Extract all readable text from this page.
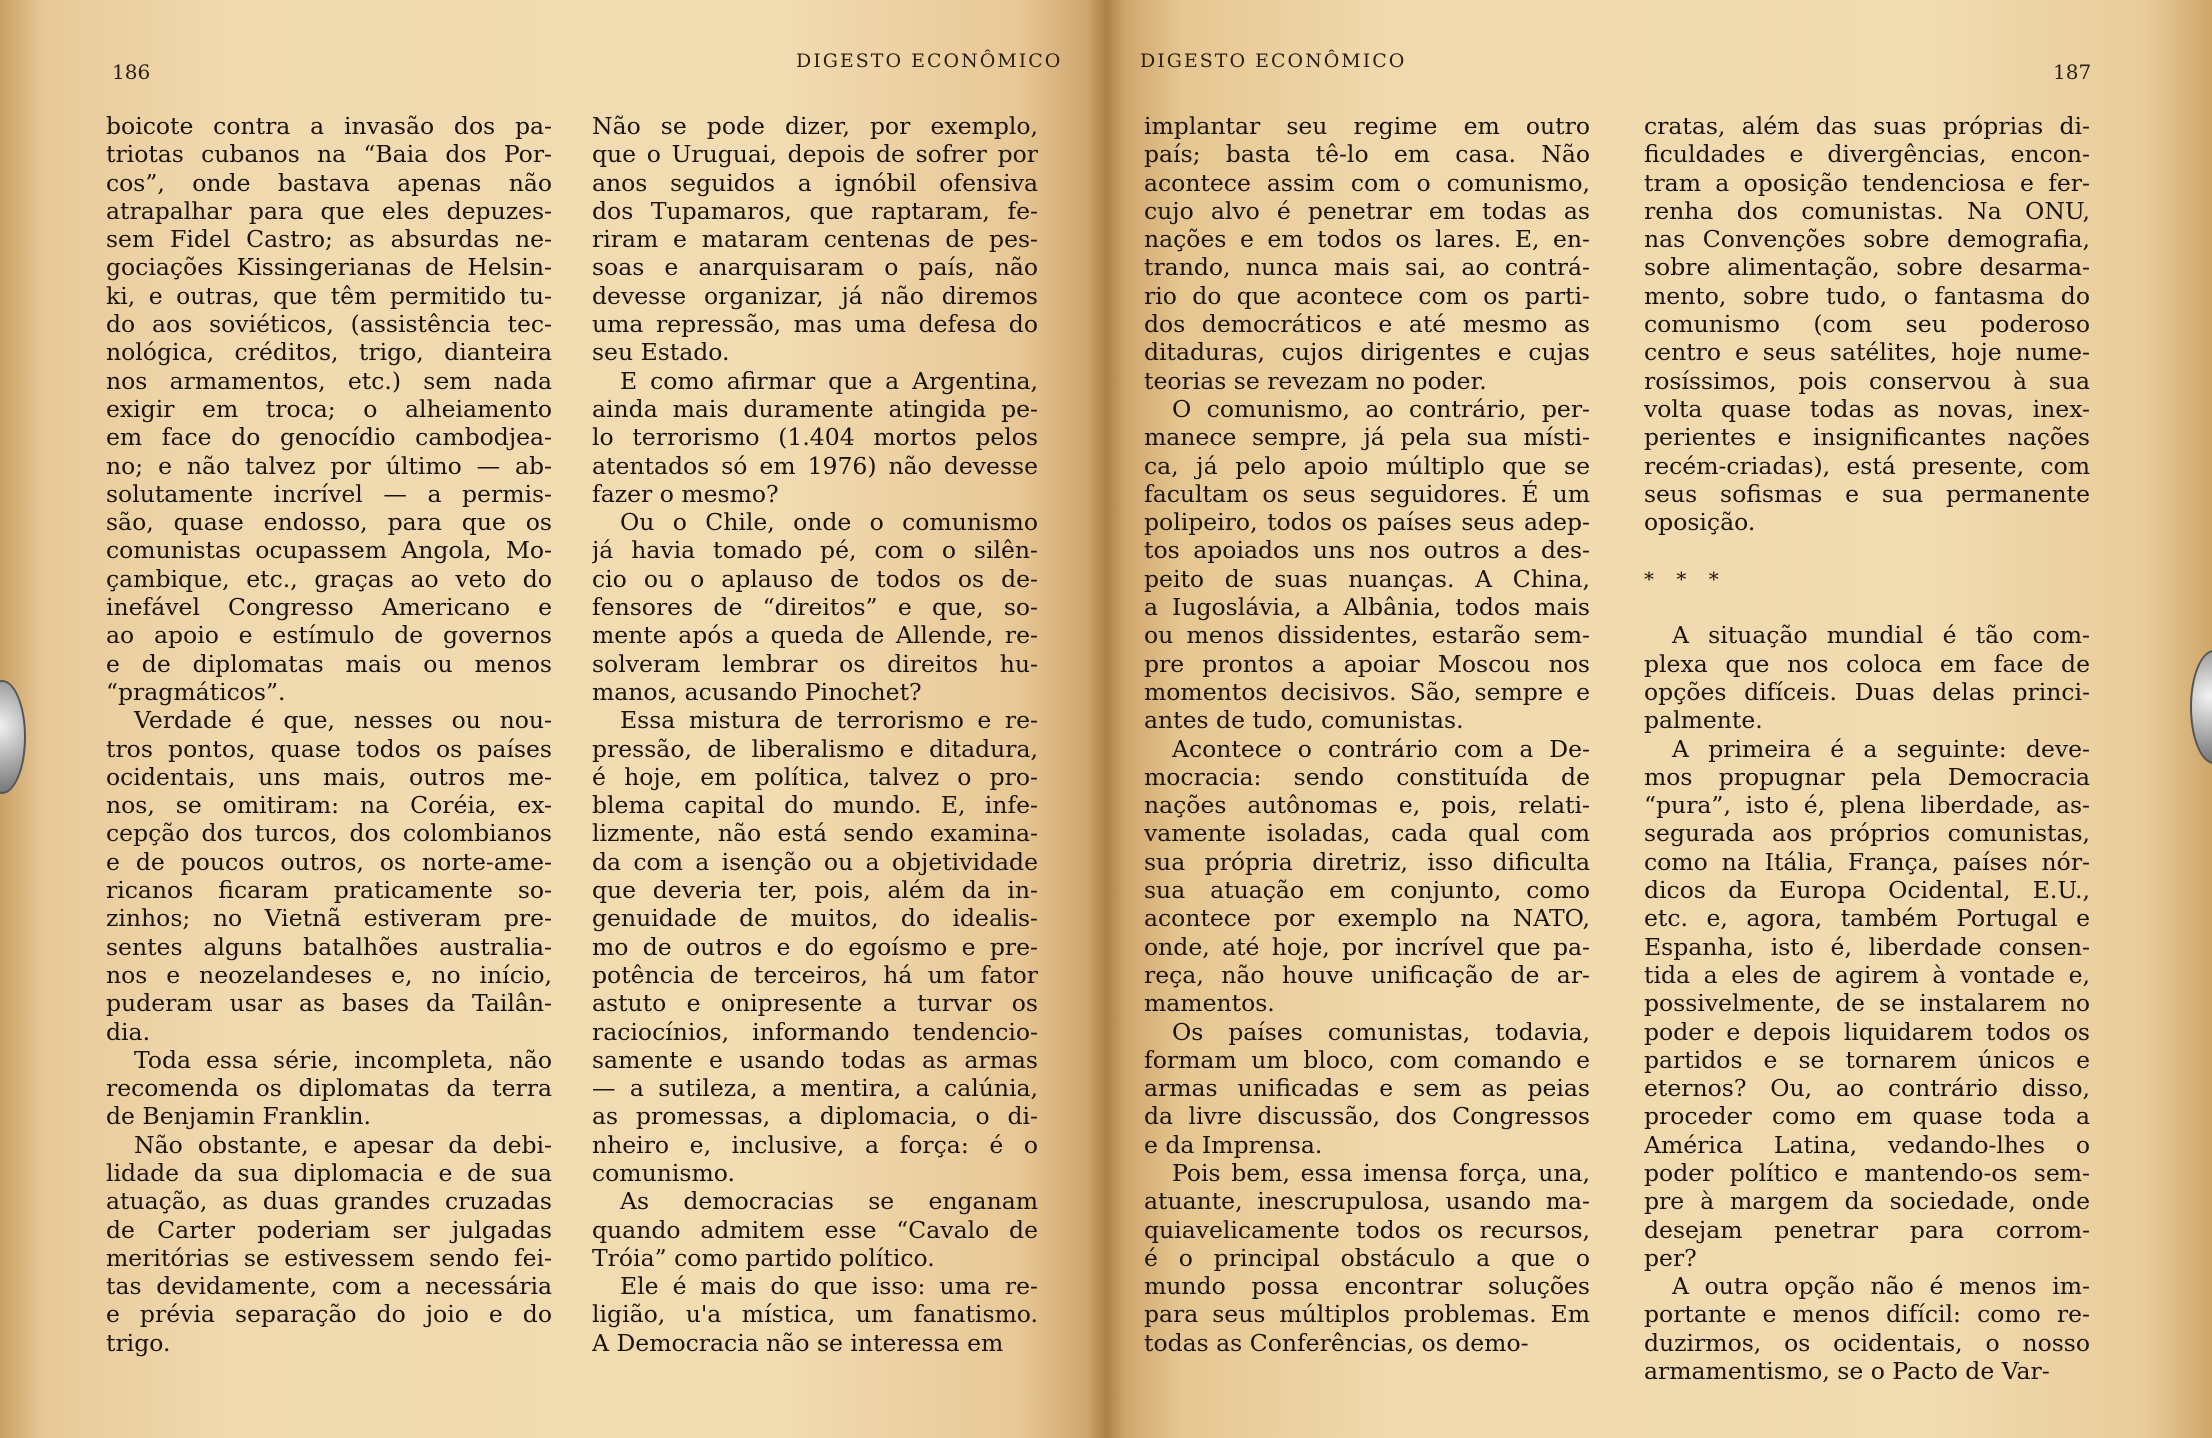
186	DIGESTO ECONÔMICO
boicote contra a invasão dos pa-
triotas cubanos na “Baia dos Por-
cos”, onde bastava apenas não
atrapalhar para que eles depuzes-
sem Fidel Castro; as absurdas ne-
gociações Kissingerianas de Helsin-
ki, e outras, que têm permitido tu-
do aos soviéticos, (assistência tec-
nológica, créditos, trigo, dianteira
nos armamentos, etc.) sem nada
exigir em troca; o alheiamento
em face do genocídio cambodjea-
no; e não talvez por último — ab-
solutamente incrível — a permis-
são, quase endosso, para que os
comunistas ocupassem Angola, Mo-
çambique, etc., graças ao veto do
inefável Congresso Americano e
ao apoio e estímulo de governos
e de diplomatas mais ou menos
“pragmáticos”.
Verdade é que, nesses ou nou-
tros pontos, quase todos os países
ocidentais, uns mais, outros me-
nos, se omitiram: na Coréia, ex-
cepção dos turcos, dos colombianos
e de poucos outros, os norte-ame-
ricanos ficaram praticamente so-
zinhos; no Vietnã estiveram pre-
sentes alguns batalhões australia-
nos e neozelandeses e, no início,
puderam usar as bases da Tailân-
dia.
Toda essa série, incompleta, não
recomenda os diplomatas da terra
de Benjamin Franklin.
Não obstante, e apesar da debi-
lidade da sua diplomacia e de sua
atuação, as duas grandes cruzadas
de Carter poderiam ser julgadas
meritórias se estivessem sendo fei-
tas devidamente, com a necessária
e prévia separação do joio e do
trigo.
Não se pode dizer, por exemplo,
que o Uruguai, depois de sofrer por
anos seguidos a ignóbil ofensiva
dos Tupamaros, que raptaram, fe-
riram e mataram centenas de pes-
soas e anarquisaram o país, não
devesse organizar, já não diremos
uma repressão, mas uma defesa do
seu Estado.
E como afirmar que a Argentina,
ainda mais duramente atingida pe-
lo terrorismo (1.404 mortos pelos
atentados só em 1976) não devesse
fazer o mesmo?
Ou o Chile, onde o comunismo
já havia tomado pé, com o silên-
cio ou o aplauso de todos os de-
fensores de “direitos” e que, so-
mente após a queda de Allende, re-
solveram lembrar os direitos hu-
manos, acusando Pinochet?
Essa mistura de terrorismo e re-
pressão, de liberalismo e ditadura,
é hoje, em política, talvez o pro-
blema capital do mundo. E, infe-
lizmente, não está sendo examina-
da com a isenção ou a objetividade
que deveria ter, pois, além da in-
genuidade de muitos, do idealis-
mo de outros e do egoísmo e pre-
potência de terceiros, há um fator
astuto e onipresente a turvar os
raciocínios, informando tendencio-
samente e usando todas as armas
— a sutileza, a mentira, a calúnia,
as promessas, a diplomacia, o di-
nheiro e, inclusive, a força: é o
comunismo.
As democracias se enganam
quando admitem esse “Cavalo de
Tróia” como partido político.
Ele é mais do que isso: uma re-
ligião, u'a mística, um fanatismo.
A Democracia não se interessa em
DIGESTO ECONÔMICO	187
implantar seu regime em outro
país; basta tê-lo em casa. Não
acontece assim com o comunismo,
cujo alvo é penetrar em todas as
nações e em todos os lares. E, en-
trando, nunca mais sai, ao contrá-
rio do que acontece com os parti-
dos democráticos e até mesmo as
ditaduras, cujos dirigentes e cujas
teorias se revezam no poder.
O comunismo, ao contrário, per-
manece sempre, já pela sua místi-
ca, já pelo apoio múltiplo que se
facultam os seus seguidores. É um
polipeiro, todos os países seus adep-
tos apoiados uns nos outros a des-
peito de suas nuanças. A China,
a Iugoslávia, a Albânia, todos mais
ou menos dissidentes, estarão sem-
pre prontos a apoiar Moscou nos
momentos decisivos. São, sempre e
antes de tudo, comunistas.
Acontece o contrário com a De-
mocracia: sendo constituída de
nações autônomas e, pois, relati-
vamente isoladas, cada qual com
sua própria diretriz, isso dificulta
sua atuação em conjunto, como
acontece por exemplo na NATO,
onde, até hoje, por incrível que pa-
reça, não houve unificação de ar-
mamentos.
Os países comunistas, todavia,
formam um bloco, com comando e
armas unificadas e sem as peias
da livre discussão, dos Congressos
e da Imprensa.
Pois bem, essa imensa força, una,
atuante, inescrupulosa, usando ma-
quiavelicamente todos os recursos,
é o principal obstáculo a que o
mundo possa encontrar soluções
para seus múltiplos problemas. Em
todas as Conferências, os demo-
cratas, além das suas próprias di-
ficuldades e divergências, encon-
tram a oposição tendenciosa e fer-
renha dos comunistas. Na ONU,
nas Convenções sobre demografia,
sobre alimentação, sobre desarma-
mento, sobre tudo, o fantasma do
comunismo (com seu poderoso
centro e seus satélites, hoje nume-
rosíssimos, pois conservou à sua
volta quase todas as novas, inex-
perientes e insignificantes nações
recém-criadas), está presente, com
seus sofismas e sua permanente
oposição.
* * *
A situação mundial é tão com-
plexa que nos coloca em face de
opções difíceis. Duas delas princi-
palmente.
A primeira é a seguinte: deve-
mos propugnar pela Democracia
“pura”, isto é, plena liberdade, as-
segurada aos próprios comunistas,
como na Itália, França, países nór-
dicos da Europa Ocidental, E.U.,
etc. e, agora, também Portugal e
Espanha, isto é, liberdade consen-
tida a eles de agirem à vontade e,
possivelmente, de se instalarem no
poder e depois liquidarem todos os
partidos e se tornarem únicos e
eternos? Ou, ao contrário disso,
proceder como em quase toda a
América Latina, vedando-lhes o
poder político e mantendo-os sem-
pre à margem da sociedade, onde
desejam penetrar para corrom-
per?
A outra opção não é menos im-
portante e menos difícil: como re-
duzirmos, os ocidentais, o nosso
armamentismo, se o Pacto de Var-
